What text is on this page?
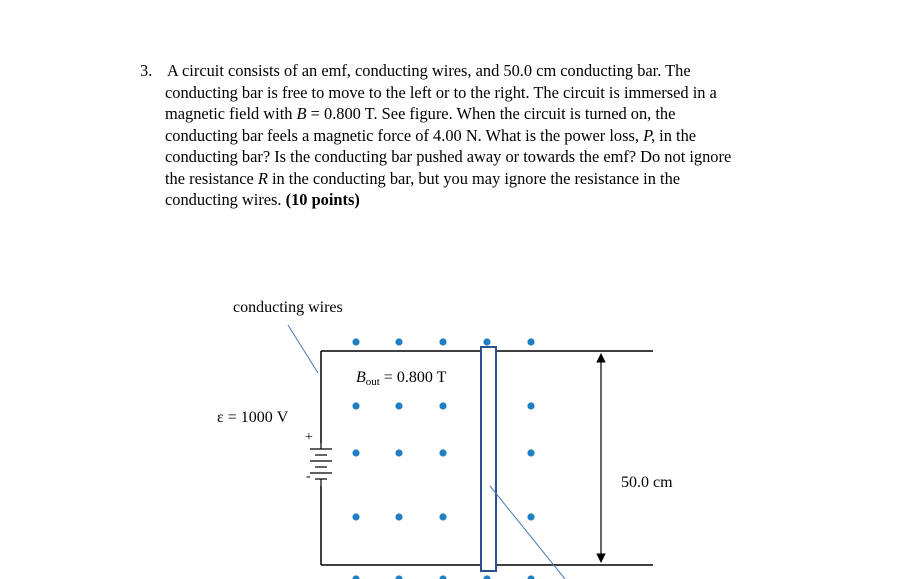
3. A circuit consists of an emf, conducting wires, and 50.0 cm conducting bar. The
conducting bar is free to move to the left or to the right. The circuit is immersed in a
magnetic field with B = 0.800 T. See figure. When the circuit is turned on, the
conducting bar feels a magnetic force of 4.00 N. What is the power loss, P, in the
conducting bar? Is the conducting bar pushed away or towards the emf? Do not ignore
the resistance R in the conducting bar, but you may ignore the resistance in the
conducting wires. (10 points)
conducting wires
+
-
ε = 1000 V
Bout = 0.800 T
50.0 cm
